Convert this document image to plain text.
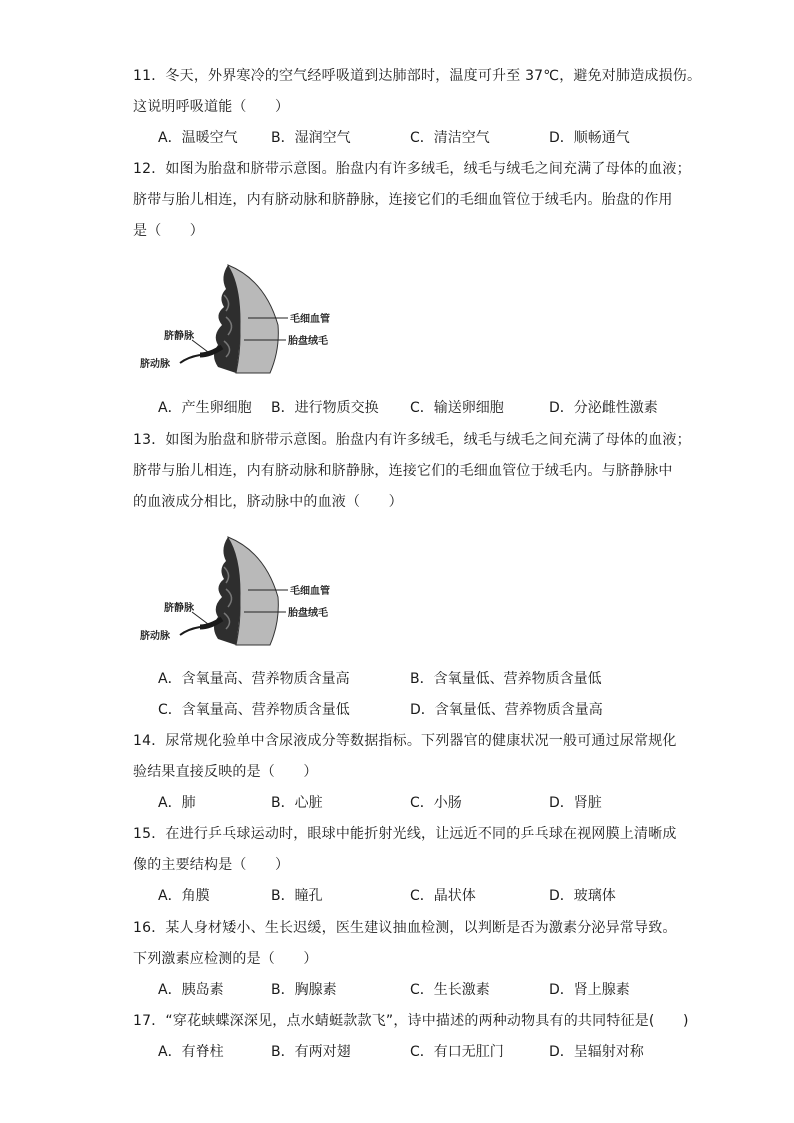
11．冬天，外界寒冷的空气经呼吸道到达肺部时，温度可升至 37℃，避免对肺造成损伤。
这说明呼吸道能（　　）
A．温暖空气 B．湿润空气	C．清洁空气	D．顺畅通气
12．如图为胎盘和脐带示意图。胎盘内有许多绒毛，绒毛与绒毛之间充满了母体的血液；
脐带与胎儿相连，内有脐动脉和脐静脉，连接它们的毛细血管位于绒毛内。胎盘的作用
是（　　）
毛细血管
胎盘绒毛
脐静脉
脐动脉
A．产生卵细胞 B．进行物质交换 C．输送卵细胞	D．分泌雌性激素
13．如图为胎盘和脐带示意图。胎盘内有许多绒毛，绒毛与绒毛之间充满了母体的血液；
脐带与胎儿相连，内有脐动脉和脐静脉，连接它们的毛细血管位于绒毛内。与脐静脉中
的血液成分相比，脐动脉中的血液（　　）
毛细血管
胎盘绒毛
脐静脉
脐动脉
A．含氧量高、营养物质含量高	B．含氧量低、营养物质含量低
C．含氧量高、营养物质含量低	D．含氧量低、营养物质含量高
14．尿常规化验单中含尿液成分等数据指标。下列器官的健康状况一般可通过尿常规化
验结果直接反映的是（　　）
A．肺	B．心脏	C．小肠	D．肾脏
15．在进行乒乓球运动时，眼球中能折射光线，让远近不同的乒乓球在视网膜上清晰成
像的主要结构是（　　）
A．角膜	B．瞳孔	C．晶状体	D．玻璃体
16．某人身材矮小、生长迟缓，医生建议抽血检测，以判断是否为激素分泌异常导致。
下列激素应检测的是（　　）
A．胰岛素	B．胸腺素	C．生长激素	D．肾上腺素
17．“穿花蛱蝶深深见，点水蜻蜓款款飞”，诗中描述的两种动物具有的共同特征是(　　)
A．有脊柱	B．有两对翅	C．有口无肛门	D．呈辐射对称
